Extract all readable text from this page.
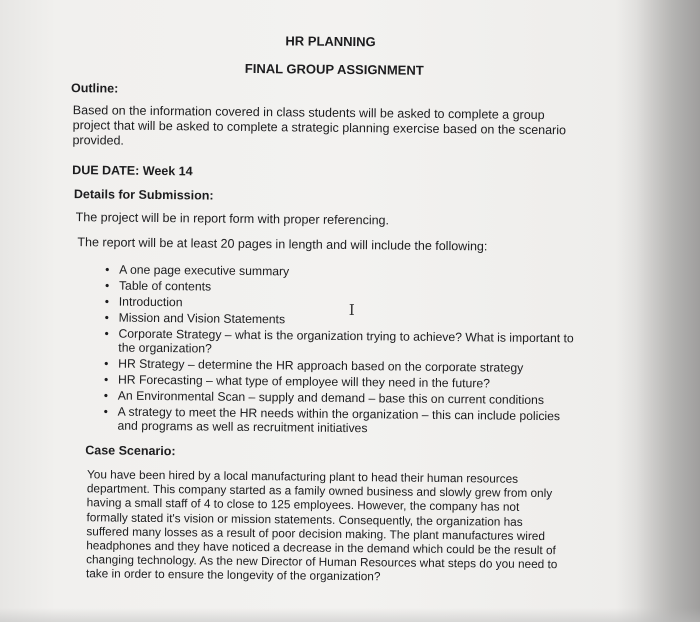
HR PLANNING
FINAL GROUP ASSIGNMENT
Outline:
Based on the information covered in class students will be asked to complete a group project that will be asked to complete a strategic planning exercise based on the scenario provided.
DUE DATE: Week 14
Details for Submission:
The project will be in report form with proper referencing.
The report will be at least 20 pages in length and will include the following:
• A one page executive summary
• Table of contents
• Introduction
• Mission and Vision Statements
• Corporate Strategy – what is the organization trying to achieve? What is important to the organization?
• HR Strategy – determine the HR approach based on the corporate strategy
• HR Forecasting – what type of employee will they need in the future?
• An Environmental Scan – supply and demand – base this on current conditions
• A strategy to meet the HR needs within the organization – this can include policies and programs as well as recruitment initiatives
I
Case Scenario:
You have been hired by a local manufacturing plant to head their human resources department. This company started as a family owned business and slowly grew from only having a small staff of 4 to close to 125 employees. However, the company has not formally stated it's vision or mission statements. Consequently, the organization has suffered many losses as a result of poor decision making. The plant manufactures wired headphones and they have noticed a decrease in the demand which could be the result of changing technology. As the new Director of Human Resources what steps do you need to take in order to ensure the longevity of the organization?
